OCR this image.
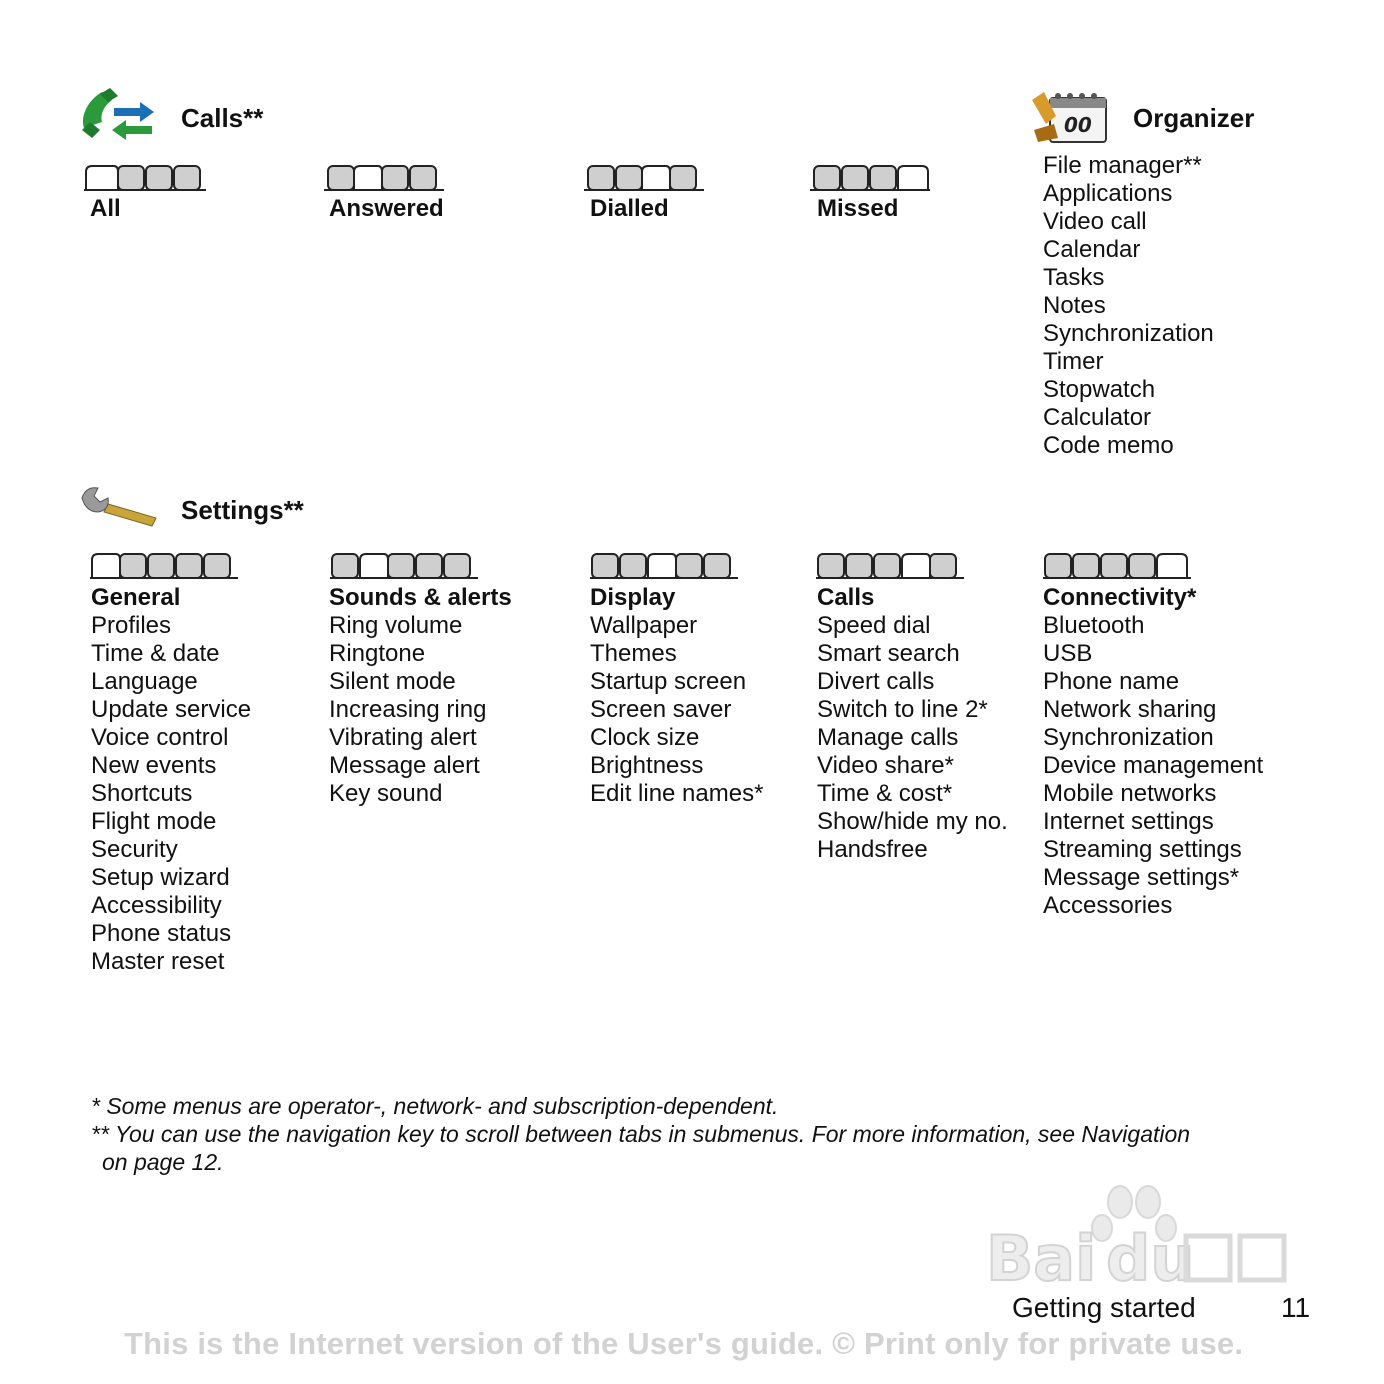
Calls**
All	Answered	Dialled	Missed
00 Organizer
File manager**
Applications
Video call
Calendar
Tasks
Notes
Synchronization
Timer
Stopwatch
Calculator
Code memo
Settings**
General
Profiles
Time & date
Language
Update service
Voice control
New events
Shortcuts
Flight mode
Security
Setup wizard
Accessibility
Phone status
Master reset
Sounds & alerts
Ring volume
Ringtone
Silent mode
Increasing ring
Vibrating alert
Message alert
Key sound
Display
Wallpaper
Themes
Startup screen
Screen saver
Clock size
Brightness
Edit line names*
Calls
Speed dial
Smart search
Divert calls
Switch to line 2*
Manage calls
Video share*
Time & cost*
Show/hide my no.
Handsfree
Connectivity*
Bluetooth
USB
Phone name
Network sharing
Synchronization
Device management
Mobile networks
Internet settings
Streaming settings
Message settings*
Accessories
* Some menus are operator-, network- and subscription-dependent.
** You can use the navigation key to scroll between tabs in submenus. For more information, see Navigation
on page 12.
Bai du
Getting started	11
This is the Internet version of the User's guide. © Print only for private use.
